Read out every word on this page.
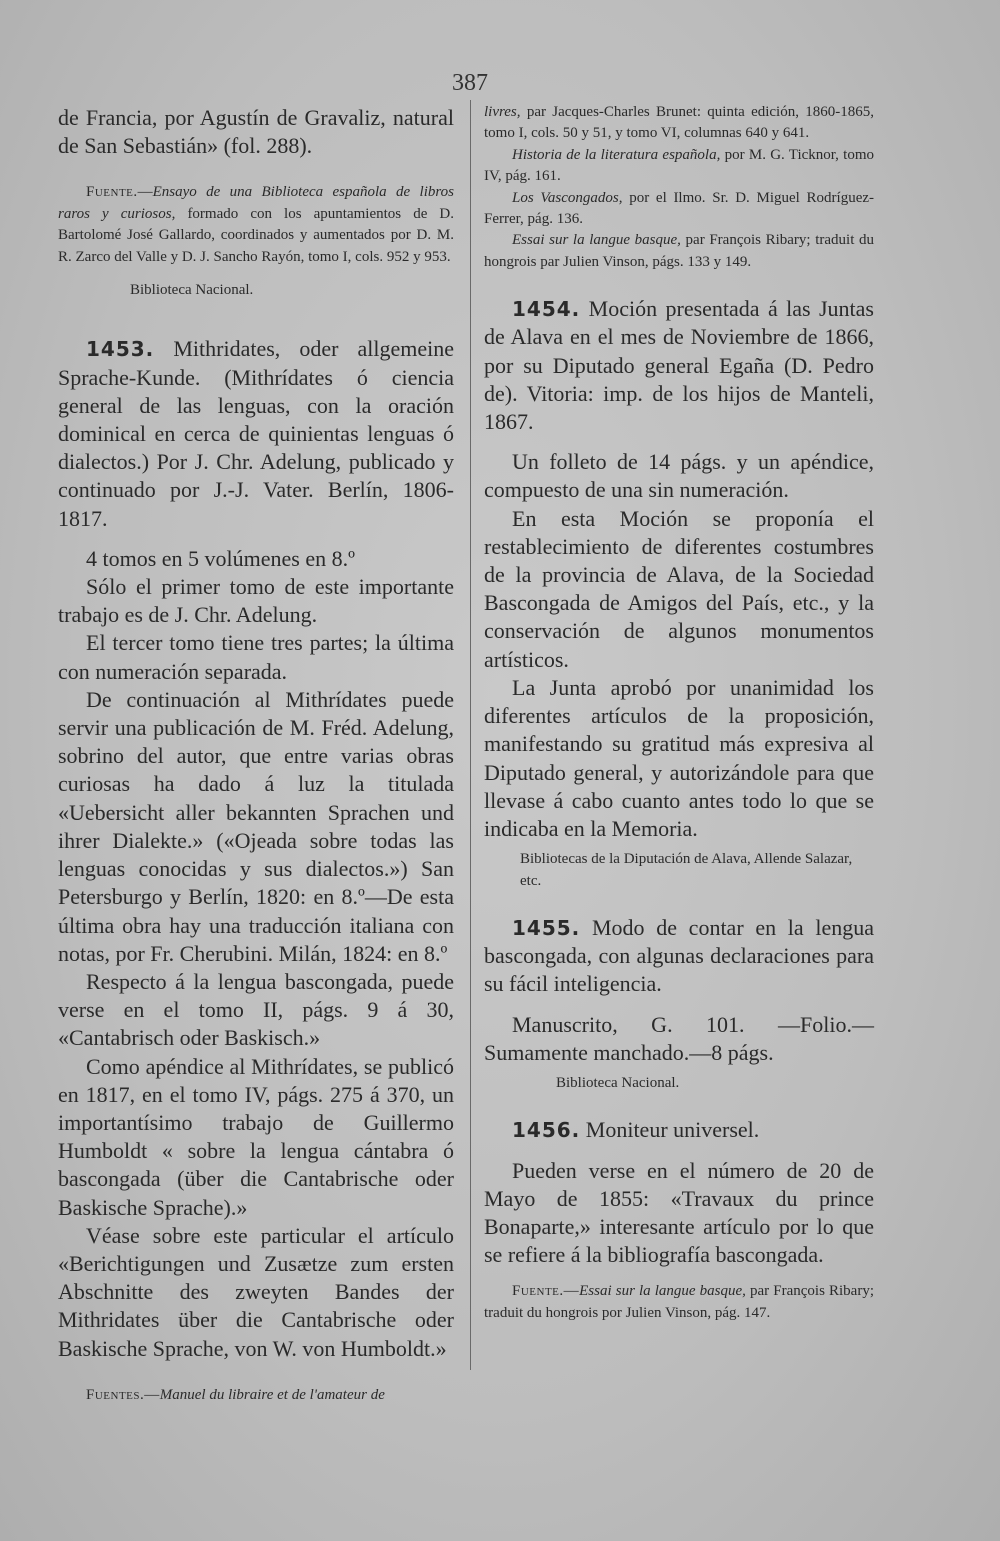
387

de Francia, por Agustín de Gravaliz, natural de San Sebastián» (fol. 288).

Fuente.—Ensayo de una Biblioteca española de libros raros y curiosos, formado con los apuntamientos de D. Bartolomé José Gallardo, coordinados y aumentados por D. M. R. Zarco del Valle y D. J. Sancho Rayón, tomo I, cols. 952 y 953.

Biblioteca Nacional.

1453. Mithridates, oder allgemeine Sprache-Kunde. (Mithrídates ó ciencia general de las lenguas, con la oración dominical en cerca de quinientas lenguas ó dialectos.) Por J. Chr. Adelung, publicado y continuado por J.-J. Vater. Berlín, 1806-1817.

4 tomos en 5 volúmenes en 8.º

Sólo el primer tomo de este importante trabajo es de J. Chr. Adelung.

El tercer tomo tiene tres partes; la última con numeración separada.

De continuación al Mithrídates puede servir una publicación de M. Fréd. Adelung, sobrino del autor, que entre varias obras curiosas ha dado á luz la titulada «Uebersicht aller bekannten Sprachen und ihrer Dialekte.» («Ojeada sobre todas las lenguas conocidas y sus dialectos.») San Petersburgo y Berlín, 1820: en 8.º—De esta última obra hay una traducción italiana con notas, por Fr. Cherubini. Milán, 1824: en 8.º

Respecto á la lengua bascongada, puede verse en el tomo II, págs. 9 á 30, «Cantabrisch oder Baskisch.»

Como apéndice al Mithrídates, se publicó en 1817, en el tomo IV, págs. 275 á 370, un importantísimo trabajo de Guillermo Humboldt « sobre la lengua cántabra ó bascongada (über die Cantabrische oder Baskische Sprache).»

Véase sobre este particular el artículo «Berichtigungen und Zusætze zum ersten Abschnitte des zweyten Bandes der Mithridates über die Cantabrische oder Baskische Sprache, von W. von Humboldt.»

Fuentes.—Manuel du libraire et de l'amateur de

livres, par Jacques-Charles Brunet: quinta edición, 1860-1865, tomo I, cols. 50 y 51, y tomo VI, columnas 640 y 641.

Historia de la literatura española, por M. G. Ticknor, tomo IV, pág. 161.

Los Vascongados, por el Ilmo. Sr. D. Miguel Rodríguez-Ferrer, pág. 136.

Essai sur la langue basque, par François Ribary; traduit du hongrois par Julien Vinson, págs. 133 y 149.

1454. Moción presentada á las Juntas de Alava en el mes de Noviembre de 1866, por su Diputado general Egaña (D. Pedro de). Vitoria: imp. de los hijos de Manteli, 1867.

Un folleto de 14 págs. y un apéndice, compuesto de una sin numeración.

En esta Moción se proponía el restablecimiento de diferentes costumbres de la provincia de Alava, de la Sociedad Bascongada de Amigos del País, etc., y la conservación de algunos monumentos artísticos.

La Junta aprobó por unanimidad los diferentes artículos de la proposición, manifestando su gratitud más expresiva al Diputado general, y autorizándole para que llevase á cabo cuanto antes todo lo que se indicaba en la Memoria.

Bibliotecas de la Diputación de Alava, Allende Salazar, etc.

1455. Modo de contar en la lengua bascongada, con algunas declaraciones para su fácil inteligencia.

Manuscrito, G. 101. —Folio.—Sumamente manchado.—8 págs.

Biblioteca Nacional.

1456. Moniteur universel.

Pueden verse en el número de 20 de Mayo de 1855: «Travaux du prince Bonaparte,» interesante artículo por lo que se refiere á la bibliografía bascongada.

Fuente.—Essai sur la langue basque, par François Ribary; traduit du hongrois por Julien Vinson, pág. 147.
